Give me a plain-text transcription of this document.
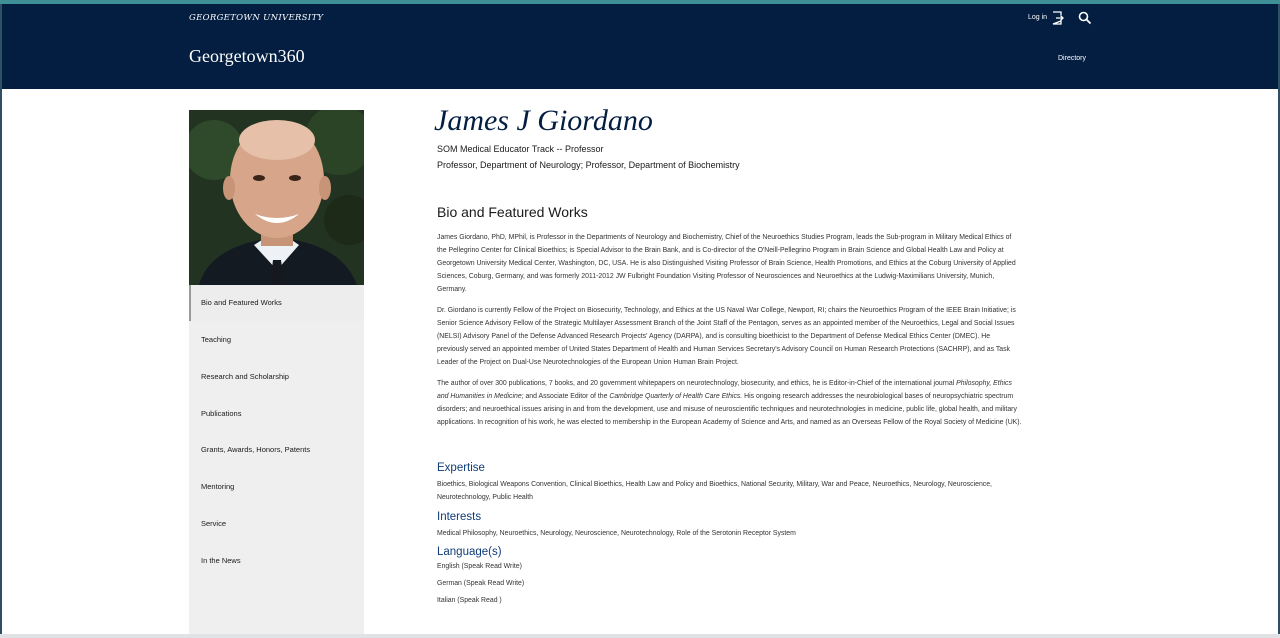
GEORGETOWN UNIVERSITY	Log in
Georgetown360	Directory
Bio and Featured Works
Teaching
Research and Scholarship
Publications
Grants, Awards, Honors, Patents
Mentoring
Service
In the News
James J Giordano
SOM Medical Educator Track -- Professor
Professor, Department of Neurology; Professor, Department of Biochemistry
Bio and Featured Works
James Giordano, PhD, MPhil, is Professor in the Departments of Neurology and Biochemistry, Chief of the Neuroethics Studies Program, leads the Sub-program in Military Medical Ethics of the Pellegrino Center for Clinical Bioethics; is Special Advisor to the Brain Bank, and is Co-director of the O'Neill-Pellegrino Program in Brain Science and Global Health Law and Policy at Georgetown University Medical Center, Washington, DC, USA. He is also Distinguished Visiting Professor of Brain Science, Health Promotions, and Ethics at the Coburg University of Applied Sciences, Coburg, Germany, and was formerly 2011-2012 JW Fulbright Foundation Visiting Professor of Neurosciences and Neuroethics at the Ludwig-Maximilians University, Munich, Germany.
Dr. Giordano is currently Fellow of the Project on Biosecurity, Technology, and Ethics at the US Naval War College, Newport, RI; chairs the Neuroethics Program of the IEEE Brain Initiative; is Senior Science Advisory Fellow of the Strategic Multilayer Assessment Branch of the Joint Staff of the Pentagon, serves as an appointed member of the Neuroethics, Legal and Social Issues (NELSI) Advisory Panel of the Defense Advanced Research Projects' Agency (DARPA), and is consulting bioethicist to the Department of Defense Medical Ethics Center (DMEC). He previously served an appointed member of United States Department of Health and Human Services Secretary's Advisory Council on Human Research Protections (SACHRP), and as Task Leader of the Project on Dual-Use Neurotechnologies of the European Union Human Brain Project.
The author of over 300 publications, 7 books, and 20 government whitepapers on neurotechnology, biosecurity, and ethics, he is Editor-in-Chief of the international journal Philosophy, Ethics and Humanities in Medicine; and Associate Editor of the Cambridge Quarterly of Health Care Ethics. His ongoing research addresses the neurobiological bases of neuropsychiatric spectrum disorders; and neuroethical issues arising in and from the development, use and misuse of neuroscientific techniques and neurotechnologies in medicine, public life, global health, and military applications. In recognition of his work, he was elected to membership in the European Academy of Science and Arts, and named as an Overseas Fellow of the Royal Society of Medicine (UK).
Expertise
Bioethics, Biological Weapons Convention, Clinical Bioethics, Health Law and Policy and Bioethics, National Security, Military, War and Peace, Neuroethics, Neurology, Neuroscience, Neurotechnology, Public Health
Interests
Medical Philosophy, Neuroethics, Neurology, Neuroscience, Neurotechnology, Role of the Serotonin Receptor System
Language(s)
English (Speak Read Write)
German (Speak Read Write)
Italian (Speak Read )
